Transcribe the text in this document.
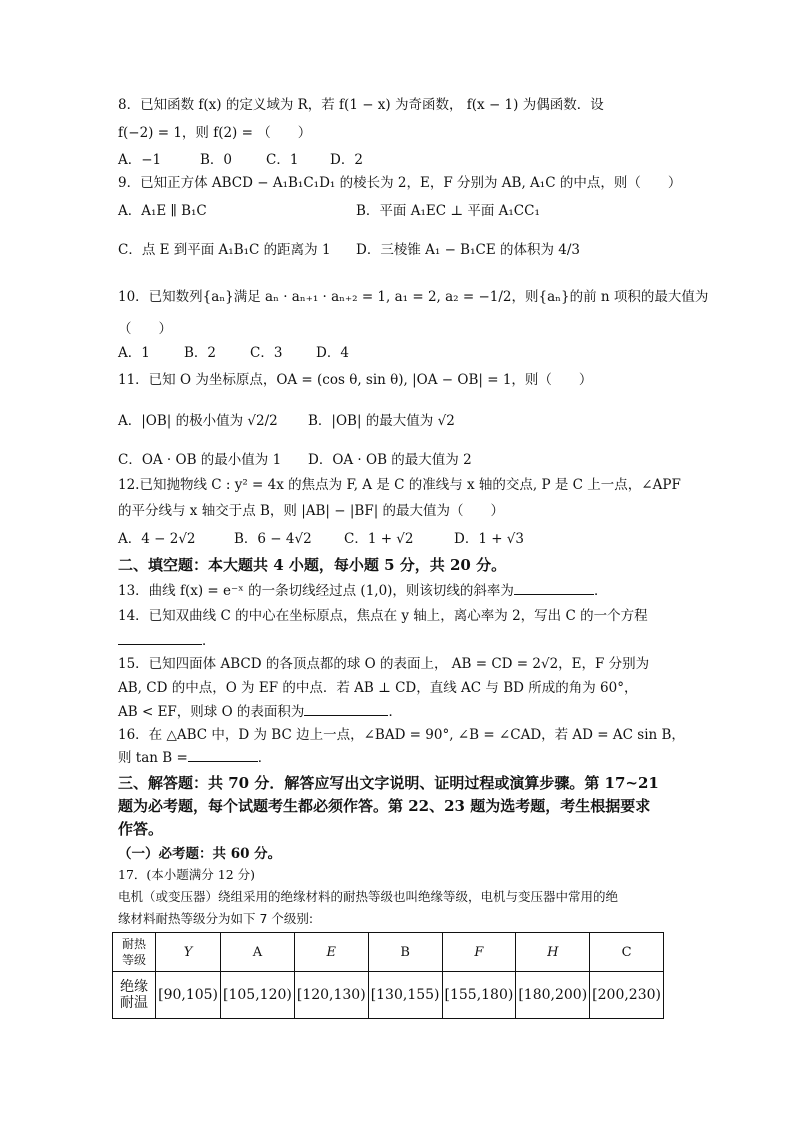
8．已知函数 f(x) 的定义域为 R，若 f(1 − x) 为奇函数， f(x − 1) 为偶函数．设
f(−2) = 1，则 f(2) = （　　）
A．−1	B．0	C．1 D．2
9．已知正方体 ABCD − A₁B₁C₁D₁ 的棱长为 2，E，F 分别为 AB, A₁C 的中点，则（　　）
A．A₁E ∥ B₁C	B．平面 A₁EC ⊥ 平面 A₁CC₁
C．点 E 到平面 A₁B₁C 的距离为 1 D．三棱锥 A₁ − B₁CE 的体积为 4/3
10．已知数列{aₙ}满足 aₙ · aₙ₊₁ · aₙ₊₂ = 1, a₁ = 2, a₂ = −1/2，则{aₙ}的前 n 项积的最大值为
（　　）
A．1	B．2	C．3 D．4
11．已知 O 为坐标原点，OA = (cos θ, sin θ), |OA − OB| = 1，则（　　）
A．|OB| 的极小值为 √2/2 B．|OB| 的最大值为 √2
C．OA · OB 的最小值为 1 D．OA · OB 的最大值为 2
12.已知抛物线 C : y² = 4x 的焦点为 F, A 是 C 的准线与 x 轴的交点, P 是 C 上一点，∠APF
的平分线与 x 轴交于点 B，则 |AB| − |BF| 的最大值为（　　）
A．4 − 2√2	B．6 − 4√2 C．1 + √2	D．1 + √3
二、填空题：本大题共 4 小题，每小题 5 分，共 20 分。
13．曲线 f(x) = e⁻ˣ 的一条切线经过点 (1,0)，则该切线的斜率为	．
14．已知双曲线 C 的中心在坐标原点，焦点在 y 轴上，离心率为 2，写出 C 的一个方程
．
15．已知四面体 ABCD 的各顶点都的球 O 的表面上， AB = CD = 2√2，E，F 分别为
AB, CD 的中点，O 为 EF 的中点．若 AB ⊥ CD，直线 AC 与 BD 所成的角为 60°，
AB < EF，则球 O 的表面积为	．
16．在 △ABC 中，D 为 BC 边上一点，∠BAD = 90°, ∠B = ∠CAD，若 AD = AC sin B，
则 tan B =	．
三、解答题：共 70 分．解答应写出文字说明、证明过程或演算步骤。第 17~21
题为必考题，每个试题考生都必须作答。第 22、23 题为选考题，考生根据要求
作答。
（一）必考题：共 60 分。
17．(本小题满分 12 分)
电机（或变压器）绕组采用的绝缘材料的耐热等级也叫绝缘等级，电机与变压器中常用的绝
缘材料耐热等级分为如下 7 个级别:
耐热
等级	Y	A	E	B	F	H	C
绝缘
耐温	[90,105)	[105,120)	[120,130)	[130,155)	[155,180)	[180,200)	[200,230)
